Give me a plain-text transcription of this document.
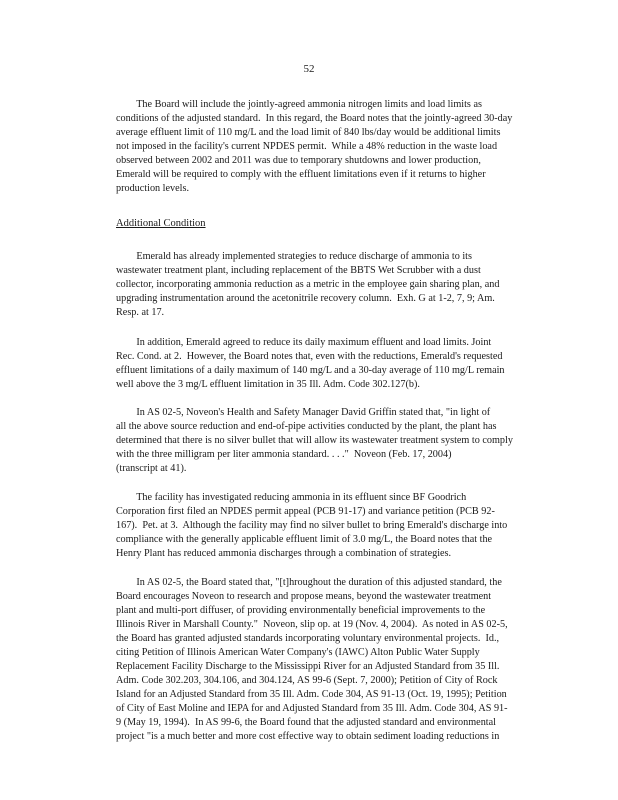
52

The Board will include the jointly-agreed ammonia nitrogen limits and load limits as
conditions of the adjusted standard.  In this regard, the Board notes that the jointly-agreed 30-day
average effluent limit of 110 mg/L and the load limit of 840 lbs/day would be additional limits
not imposed in the facility's current NPDES permit.  While a 48% reduction in the waste load
observed between 2002 and 2011 was due to temporary shutdowns and lower production,
Emerald will be required to comply with the effluent limitations even if it returns to higher
production levels.

Additional Condition

Emerald has already implemented strategies to reduce discharge of ammonia to its
wastewater treatment plant, including replacement of the BBTS Wet Scrubber with a dust
collector, incorporating ammonia reduction as a metric in the employee gain sharing plan, and
upgrading instrumentation around the acetonitrile recovery column.  Exh. G at 1-2, 7, 9; Am.
Resp. at 17.

In addition, Emerald agreed to reduce its daily maximum effluent and load limits. Joint
Rec. Cond. at 2.  However, the Board notes that, even with the reductions, Emerald's requested
effluent limitations of a daily maximum of 140 mg/L and a 30-day average of 110 mg/L remain
well above the 3 mg/L effluent limitation in 35 Ill. Adm. Code 302.127(b).

In AS 02-5, Noveon's Health and Safety Manager David Griffin stated that, "in light of
all the above source reduction and end-of-pipe activities conducted by the plant, the plant has
determined that there is no silver bullet that will allow its wastewater treatment system to comply
with the three milligram per liter ammonia standard. . . ."  Noveon (Feb. 17, 2004)
(transcript at 41).

The facility has investigated reducing ammonia in its effluent since BF Goodrich
Corporation first filed an NPDES permit appeal (PCB 91-17) and variance petition (PCB 92-
167).  Pet. at 3.  Although the facility may find no silver bullet to bring Emerald's discharge into
compliance with the generally applicable effluent limit of 3.0 mg/L, the Board notes that the
Henry Plant has reduced ammonia discharges through a combination of strategies.

In AS 02-5, the Board stated that, "[t]hroughout the duration of this adjusted standard, the
Board encourages Noveon to research and propose means, beyond the wastewater treatment
plant and multi-port diffuser, of providing environmentally beneficial improvements to the
Illinois River in Marshall County."  Noveon, slip op. at 19 (Nov. 4, 2004).  As noted in AS 02-5,
the Board has granted adjusted standards incorporating voluntary environmental projects.  Id.,
citing Petition of Illinois American Water Company's (IAWC) Alton Public Water Supply
Replacement Facility Discharge to the Mississippi River for an Adjusted Standard from 35 Ill.
Adm. Code 302.203, 304.106, and 304.124, AS 99-6 (Sept. 7, 2000); Petition of City of Rock
Island for an Adjusted Standard from 35 Ill. Adm. Code 304, AS 91-13 (Oct. 19, 1995); Petition
of City of East Moline and IEPA for and Adjusted Standard from 35 Ill. Adm. Code 304, AS 91-
9 (May 19, 1994).  In AS 99-6, the Board found that the adjusted standard and environmental
project "is a much better and more cost effective way to obtain sediment loading reductions in
